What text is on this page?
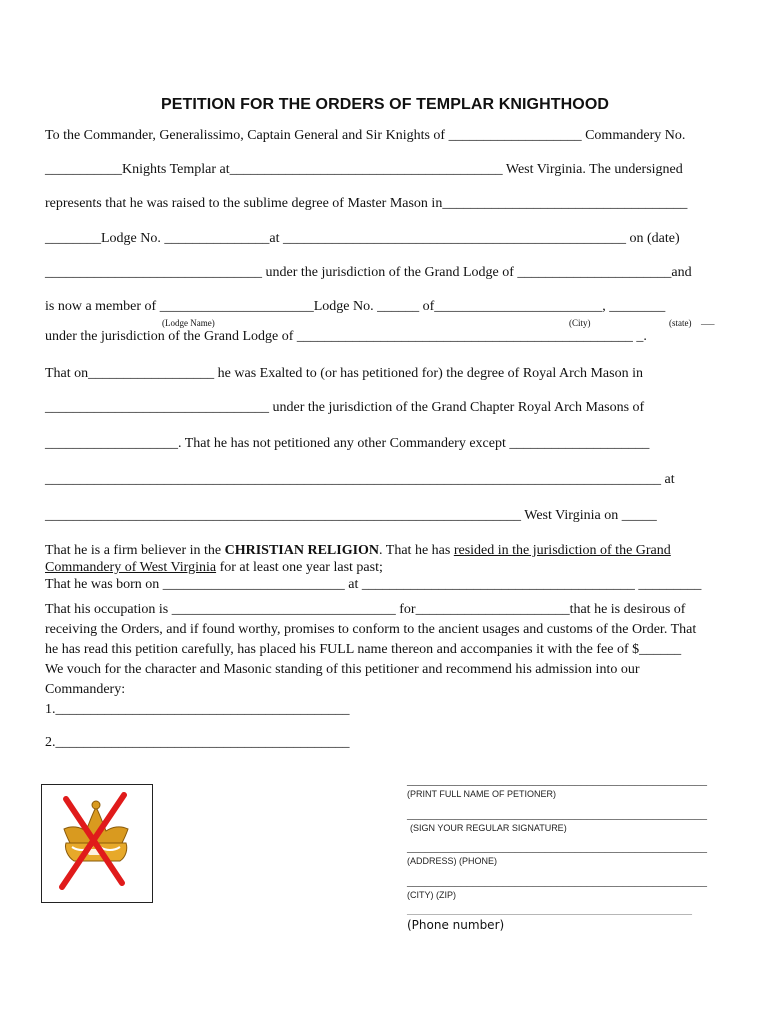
PETITION FOR THE ORDERS OF TEMPLAR KNIGHTHOOD
To the Commander, Generalissimo, Captain General and Sir Knights of ___________________ Commandery No.
___________Knights Templar at_______________________________________ West Virginia. The undersigned
represents that he was raised to the sublime degree of Master Mason in___________________________________
________Lodge No. _______________at _________________________________________________ on (date)
_______________________________ under the jurisdiction of the Grand Lodge of ______________________and
is now a member of ______________________Lodge No. ______ of________________________, ________
(Lodge Name)	(City)	(state) ___
under the jurisdiction of the Grand Lodge of ________________________________________________ _.
That on__________________ he was Exalted to (or has petitioned for) the degree of Royal Arch Mason in
________________________________ under the jurisdiction of the Grand Chapter Royal Arch Masons of
___________________. That he has not petitioned any other Commandery except ____________________
________________________________________________________________________________________ at
____________________________________________________________________ West Virginia on _____
That he is a firm believer in the CHRISTIAN RELIGION. That he has resided in the jurisdiction of the Grand
Commandery of West Virginia for at least one year last past;
That he was born on __________________________ at _______________________________________ _________
That his occupation is ________________________________ for______________________that he is desirous of
receiving the Orders, and if found worthy, promises to conform to the ancient usages and customs of the Order. That
he has read this petition carefully, has placed his FULL name thereon and accompanies it with the fee of $______
We vouch for the character and Masonic standing of this petitioner and recommend his admission into our
Commandery:
1.__________________________________________
2.__________________________________________
__________________________________________________
(PRINT FULL NAME OF PETIONER)
__________________________________________________
(SIGN YOUR REGULAR SIGNATURE)
__________________________________________________
(ADDRESS) (PHONE)
__________________________________________________
(CITY) (ZIP)
_________________________________________________________
(Phone number)
